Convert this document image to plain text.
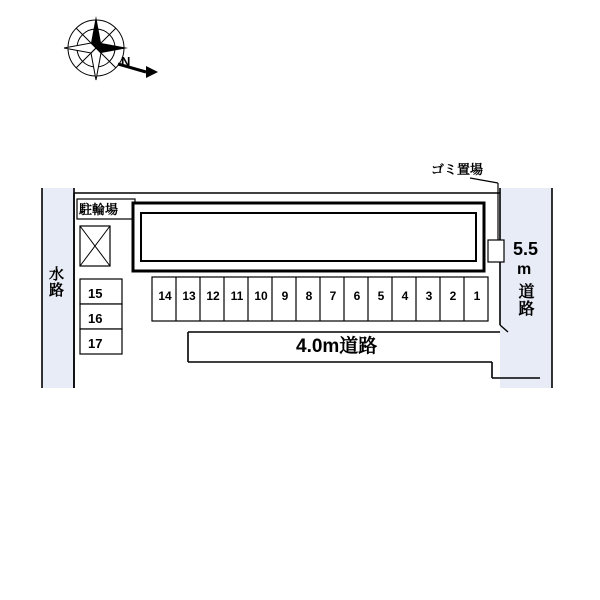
N
水路
ゴミ置場
駐輪場
4.0m道路
5.5
m
道路
14 13 12 11 10	9	8	7	6	5	4	3	2	1
15
16
17
